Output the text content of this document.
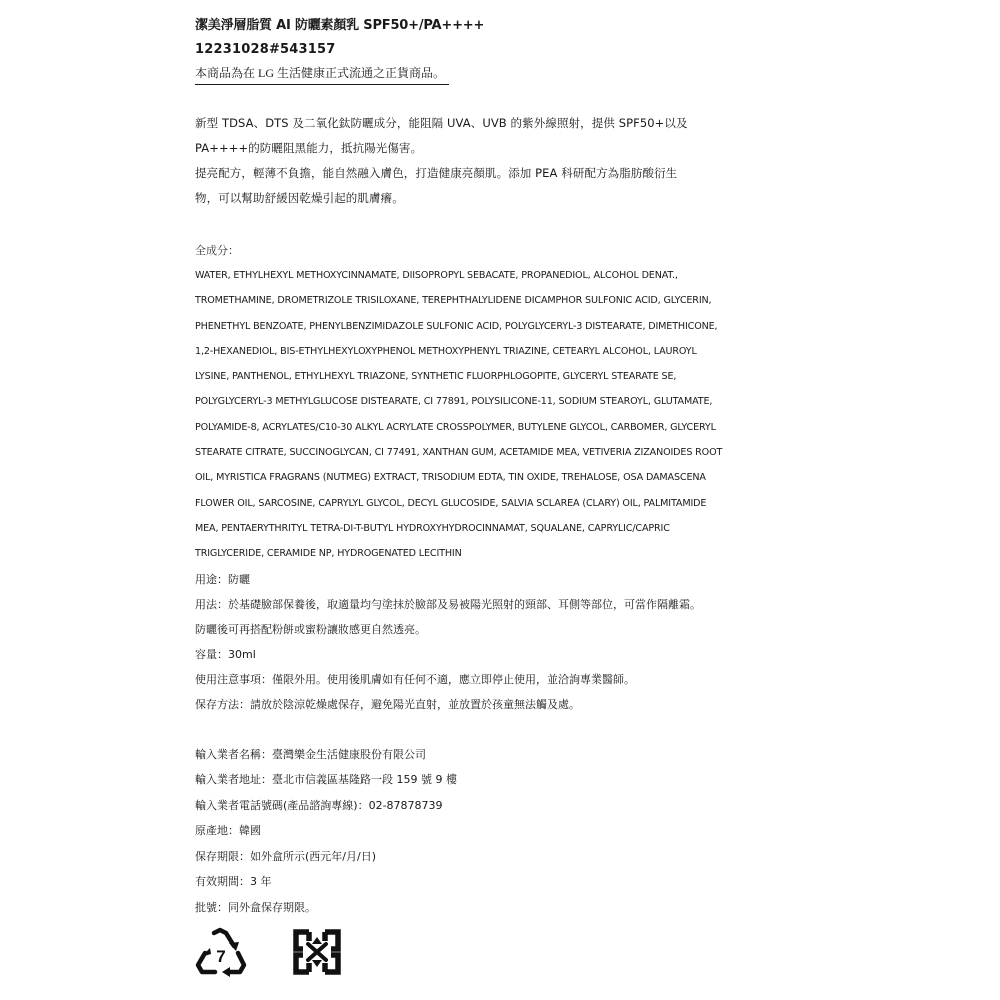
潔美淨層脂質 AI 防曬素顏乳 SPF50+/PA++++
12231028#543157
本商品為在 LG 生活健康正式流通之正貨商品。

新型 TDSA、DTS 及二氧化鈦防曬成分，能阻隔 UVA、UVB 的紫外線照射，提供 SPF50+以及

PA++++的防曬阻黑能力，抵抗陽光傷害。

提亮配方，輕薄不負擔，能自然融入膚色，打造健康亮顏肌。添加 PEA 科研配方為脂肪酸衍生

物，可以幫助舒緩因乾燥引起的肌膚癢。

全成分：
WATER, ETHYLHEXYL METHOXYCINNAMATE, DIISOPROPYL SEBACATE, PROPANEDIOL, ALCOHOL DENAT.,
TROMETHAMINE, DROMETRIZOLE TRISILOXANE, TEREPHTHALYLIDENE DICAMPHOR SULFONIC ACID, GLYCERIN,
PHENETHYL BENZOATE, PHENYLBENZIMIDAZOLE SULFONIC ACID, POLYGLYCERYL-3 DISTEARATE, DIMETHICONE,
1,2-HEXANEDIOL, BIS-ETHYLHEXYLOXYPHENOL METHOXYPHENYL TRIAZINE, CETEARYL ALCOHOL, LAUROYL
LYSINE, PANTHENOL, ETHYLHEXYL TRIAZONE, SYNTHETIC FLUORPHLOGOPITE, GLYCERYL STEARATE SE,
POLYGLYCERYL-3 METHYLGLUCOSE DISTEARATE, CI 77891, POLYSILICONE-11, SODIUM STEAROYL, GLUTAMATE,
POLYAMIDE-8, ACRYLATES/C10-30 ALKYL ACRYLATE CROSSPOLYMER, BUTYLENE GLYCOL, CARBOMER, GLYCERYL
STEARATE CITRATE, SUCCINOGLYCAN, CI 77491, XANTHAN GUM, ACETAMIDE MEA, VETIVERIA ZIZANOIDES ROOT
OIL, MYRISTICA FRAGRANS (NUTMEG) EXTRACT, TRISODIUM EDTA, TIN OXIDE, TREHALOSE, OSA DAMASCENA
FLOWER OIL, SARCOSINE, CAPRYLYL GLYCOL, DECYL GLUCOSIDE, SALVIA SCLAREA (CLARY) OIL, PALMITAMIDE
MEA, PENTAERYTHRITYL TETRA-DI-T-BUTYL HYDROXYHYDROCINNAMAT, SQUALANE, CAPRYLIC/CAPRIC
TRIGLYCERIDE, CERAMIDE NP, HYDROGENATED LECITHIN
用途：防曬
用法：於基礎臉部保養後，取適量均勻塗抹於臉部及易被陽光照射的頸部、耳側等部位，可當作隔離霜。
防曬後可再搭配粉餅或蜜粉讓妝感更自然透亮。
容量：30ml
使用注意事項：僅限外用。使用後肌膚如有任何不適，應立即停止使用，並洽詢專業醫師。
保存方法：請放於陰涼乾燥處保存，避免陽光直射，並放置於孩童無法觸及處。
輸入業者名稱：臺灣樂金生活健康股份有限公司
輸入業者地址：臺北市信義區基隆路一段 159 號 9 樓
輸入業者電話號碼(產品諮詢專線)：02-87878739
原產地：韓國
保存期限：如外盒所示(西元年/月/日)
有效期間：3 年
批號：同外盒保存期限。
7
